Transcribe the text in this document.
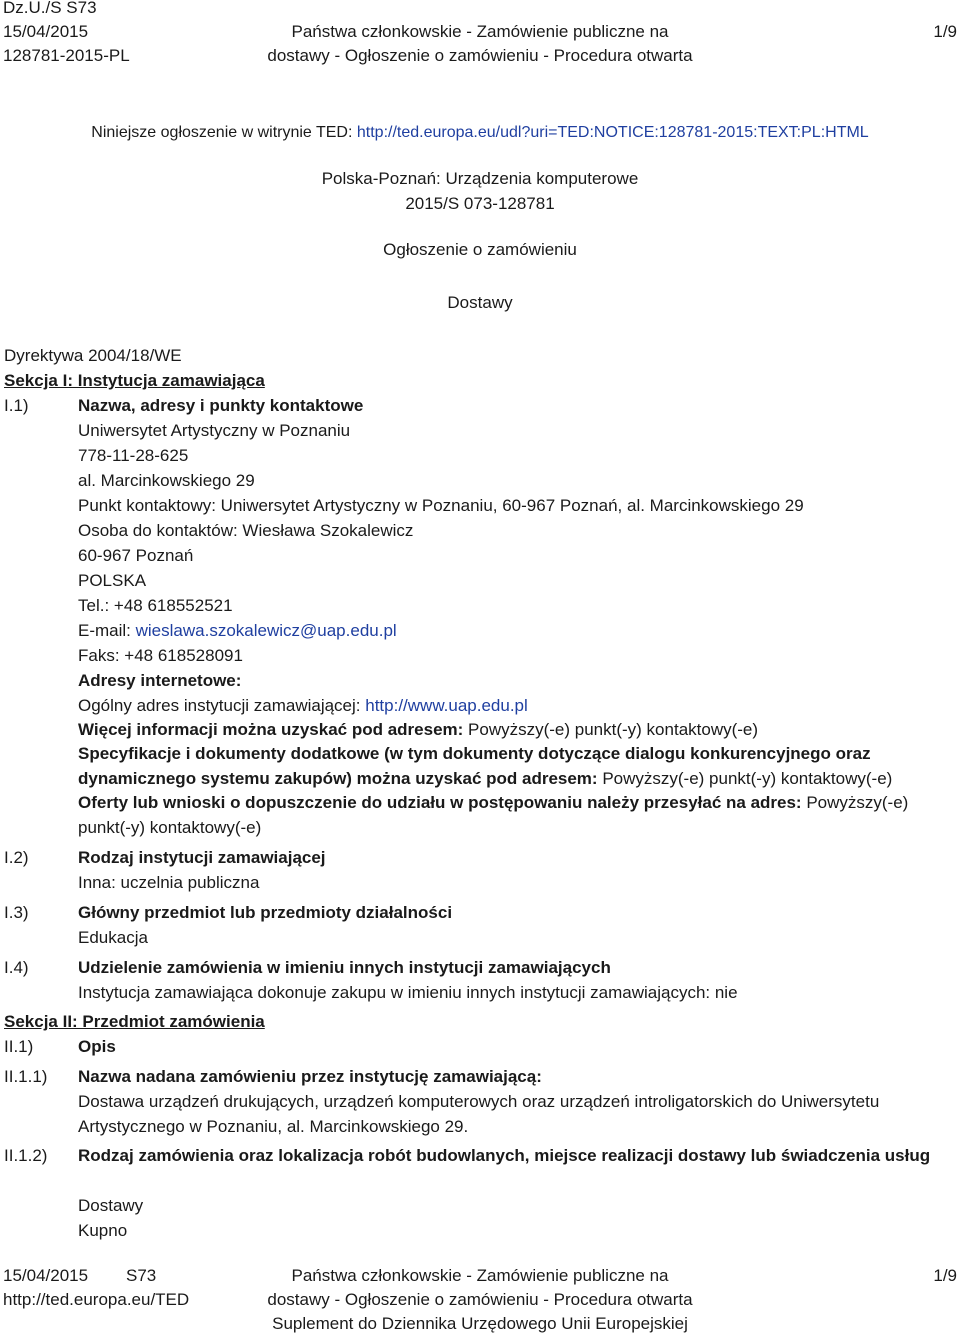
Dz.U./S S73
15/04/2015
128781-2015-PL
Państwa członkowskie - Zamówienie publiczne na
dostawy - Ogłoszenie o zamówieniu - Procedura otwarta
1/9
Niniejsze ogłoszenie w witrynie TED: http://ted.europa.eu/udl?uri=TED:NOTICE:128781-2015:TEXT:PL:HTML
Polska-Poznań: Urządzenia komputerowe
2015/S 073-128781
Ogłoszenie o zamówieniu
Dostawy
Dyrektywa 2004/18/WE
Sekcja I: Instytucja zamawiająca
I.1)	Nazwa, adresy i punkty kontaktowe
Uniwersytet Artystyczny w Poznaniu
778-11-28-625
al. Marcinkowskiego 29
Punkt kontaktowy: Uniwersytet Artystyczny w Poznaniu, 60-967 Poznań, al. Marcinkowskiego 29
Osoba do kontaktów: Wiesława Szokalewicz
60-967 Poznań
POLSKA
Tel.: +48 618552521
E-mail: wieslawa.szokalewicz@uap.edu.pl
Faks: +48 618528091
Adresy internetowe:
Ogólny adres instytucji zamawiającej: http://www.uap.edu.pl
Więcej informacji można uzyskać pod adresem: Powyższy(-e) punkt(-y) kontaktowy(-e)
Specyfikacje i dokumenty dodatkowe (w tym dokumenty dotyczące dialogu konkurencyjnego oraz dynamicznego systemu zakupów) można uzyskać pod adresem: Powyższy(-e) punkt(-y) kontaktowy(-e)
Oferty lub wnioski o dopuszczenie do udziału w postępowaniu należy przesyłać na adres: Powyższy(-e) punkt(-y) kontaktowy(-e)
I.2)	Rodzaj instytucji zamawiającej
Inna: uczelnia publiczna
I.3)	Główny przedmiot lub przedmioty działalności
Edukacja
I.4)	Udzielenie zamówienia w imieniu innych instytucji zamawiających
Instytucja zamawiająca dokonuje zakupu w imieniu innych instytucji zamawiających: nie
Sekcja II: Przedmiot zamówienia
II.1)	Opis
II.1.1) Nazwa nadana zamówieniu przez instytucję zamawiającą:
Dostawa urządzeń drukujących, urządzeń komputerowych oraz urządzeń introligatorskich do Uniwersytetu Artystycznego w Poznaniu, al. Marcinkowskiego 29.
II.1.2) Rodzaj zamówienia oraz lokalizacja robót budowlanych, miejsce realizacji dostawy lub świadczenia usług
Dostawy
Kupno
15/04/2015 S73
http://ted.europa.eu/TED
Państwa członkowskie - Zamówienie publiczne na
dostawy - Ogłoszenie o zamówieniu - Procedura otwarta
Suplement do Dziennika Urzędowego Unii Europejskiej
1/9
